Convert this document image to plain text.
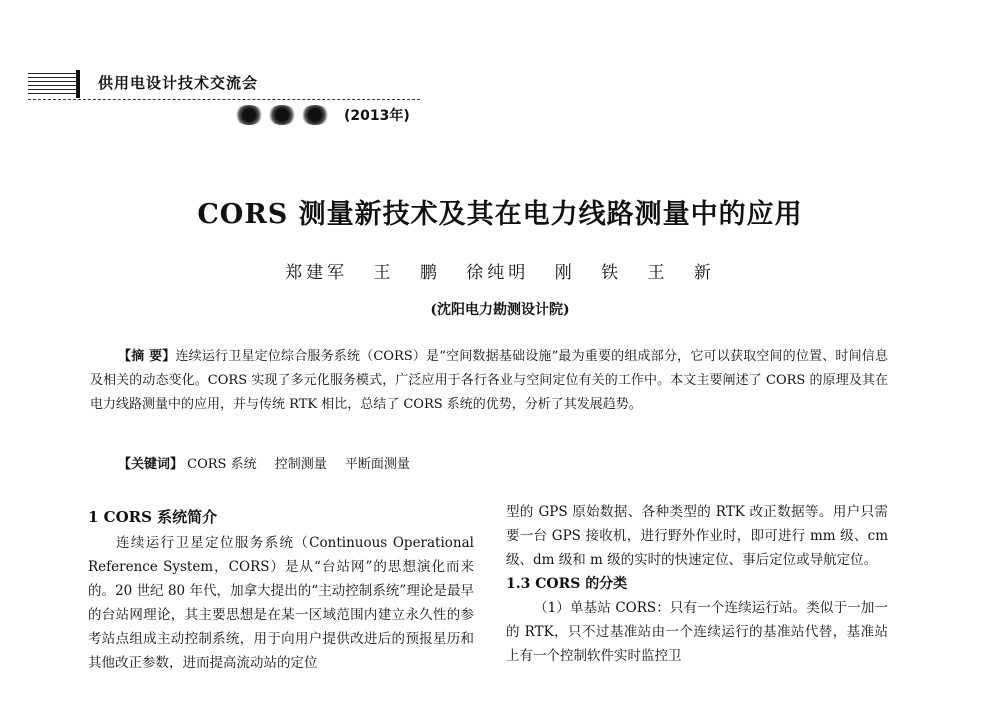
供用电设计技术交流会
(2013年)
CORS 测量新技术及其在电力线路测量中的应用
郑建军 王 鹏 徐纯明 刚 铁 王 新
(沈阳电力勘测设计院)
【摘 要】连续运行卫星定位综合服务系统（CORS）是“空间数据基础设施”最为重要的组成部分，它可以获取空间的位置、时间信息及相关的动态变化。CORS 实现了多元化服务模式，广泛应用于各行各业与空间定位有关的工作中。本文主要阐述了 CORS 的原理及其在电力线路测量中的应用，并与传统 RTK 相比，总结了 CORS 系统的优势，分析了其发展趋势。
【关键词】 CORS 系统 控制测量 平断面测量
1 CORS 系统简介

连续运行卫星定位服务系统（Continuous Operational Reference System，CORS）是从“台站网”的思想演化而来的。20 世纪 80 年代，加拿大提出的“主动控制系统”理论是最早的台站网理论，其主要思想是在某一区域范围内建立永久性的参考站点组成主动控制系统，用于向用户提供改进后的预报星历和其他改正参数，进而提高流动站的定位

型的 GPS 原始数据、各种类型的 RTK 改正数据等。用户只需要一台 GPS 接收机，进行野外作业时，即可进行 mm 级、cm 级、dm 级和 m 级的实时的快速定位、事后定位或导航定位。

1.3 CORS 的分类

（1）单基站 CORS：只有一个连续运行站。类似于一加一的 RTK，只不过基准站由一个连续运行的基准站代替，基准站上有一个控制软件实时监控卫
